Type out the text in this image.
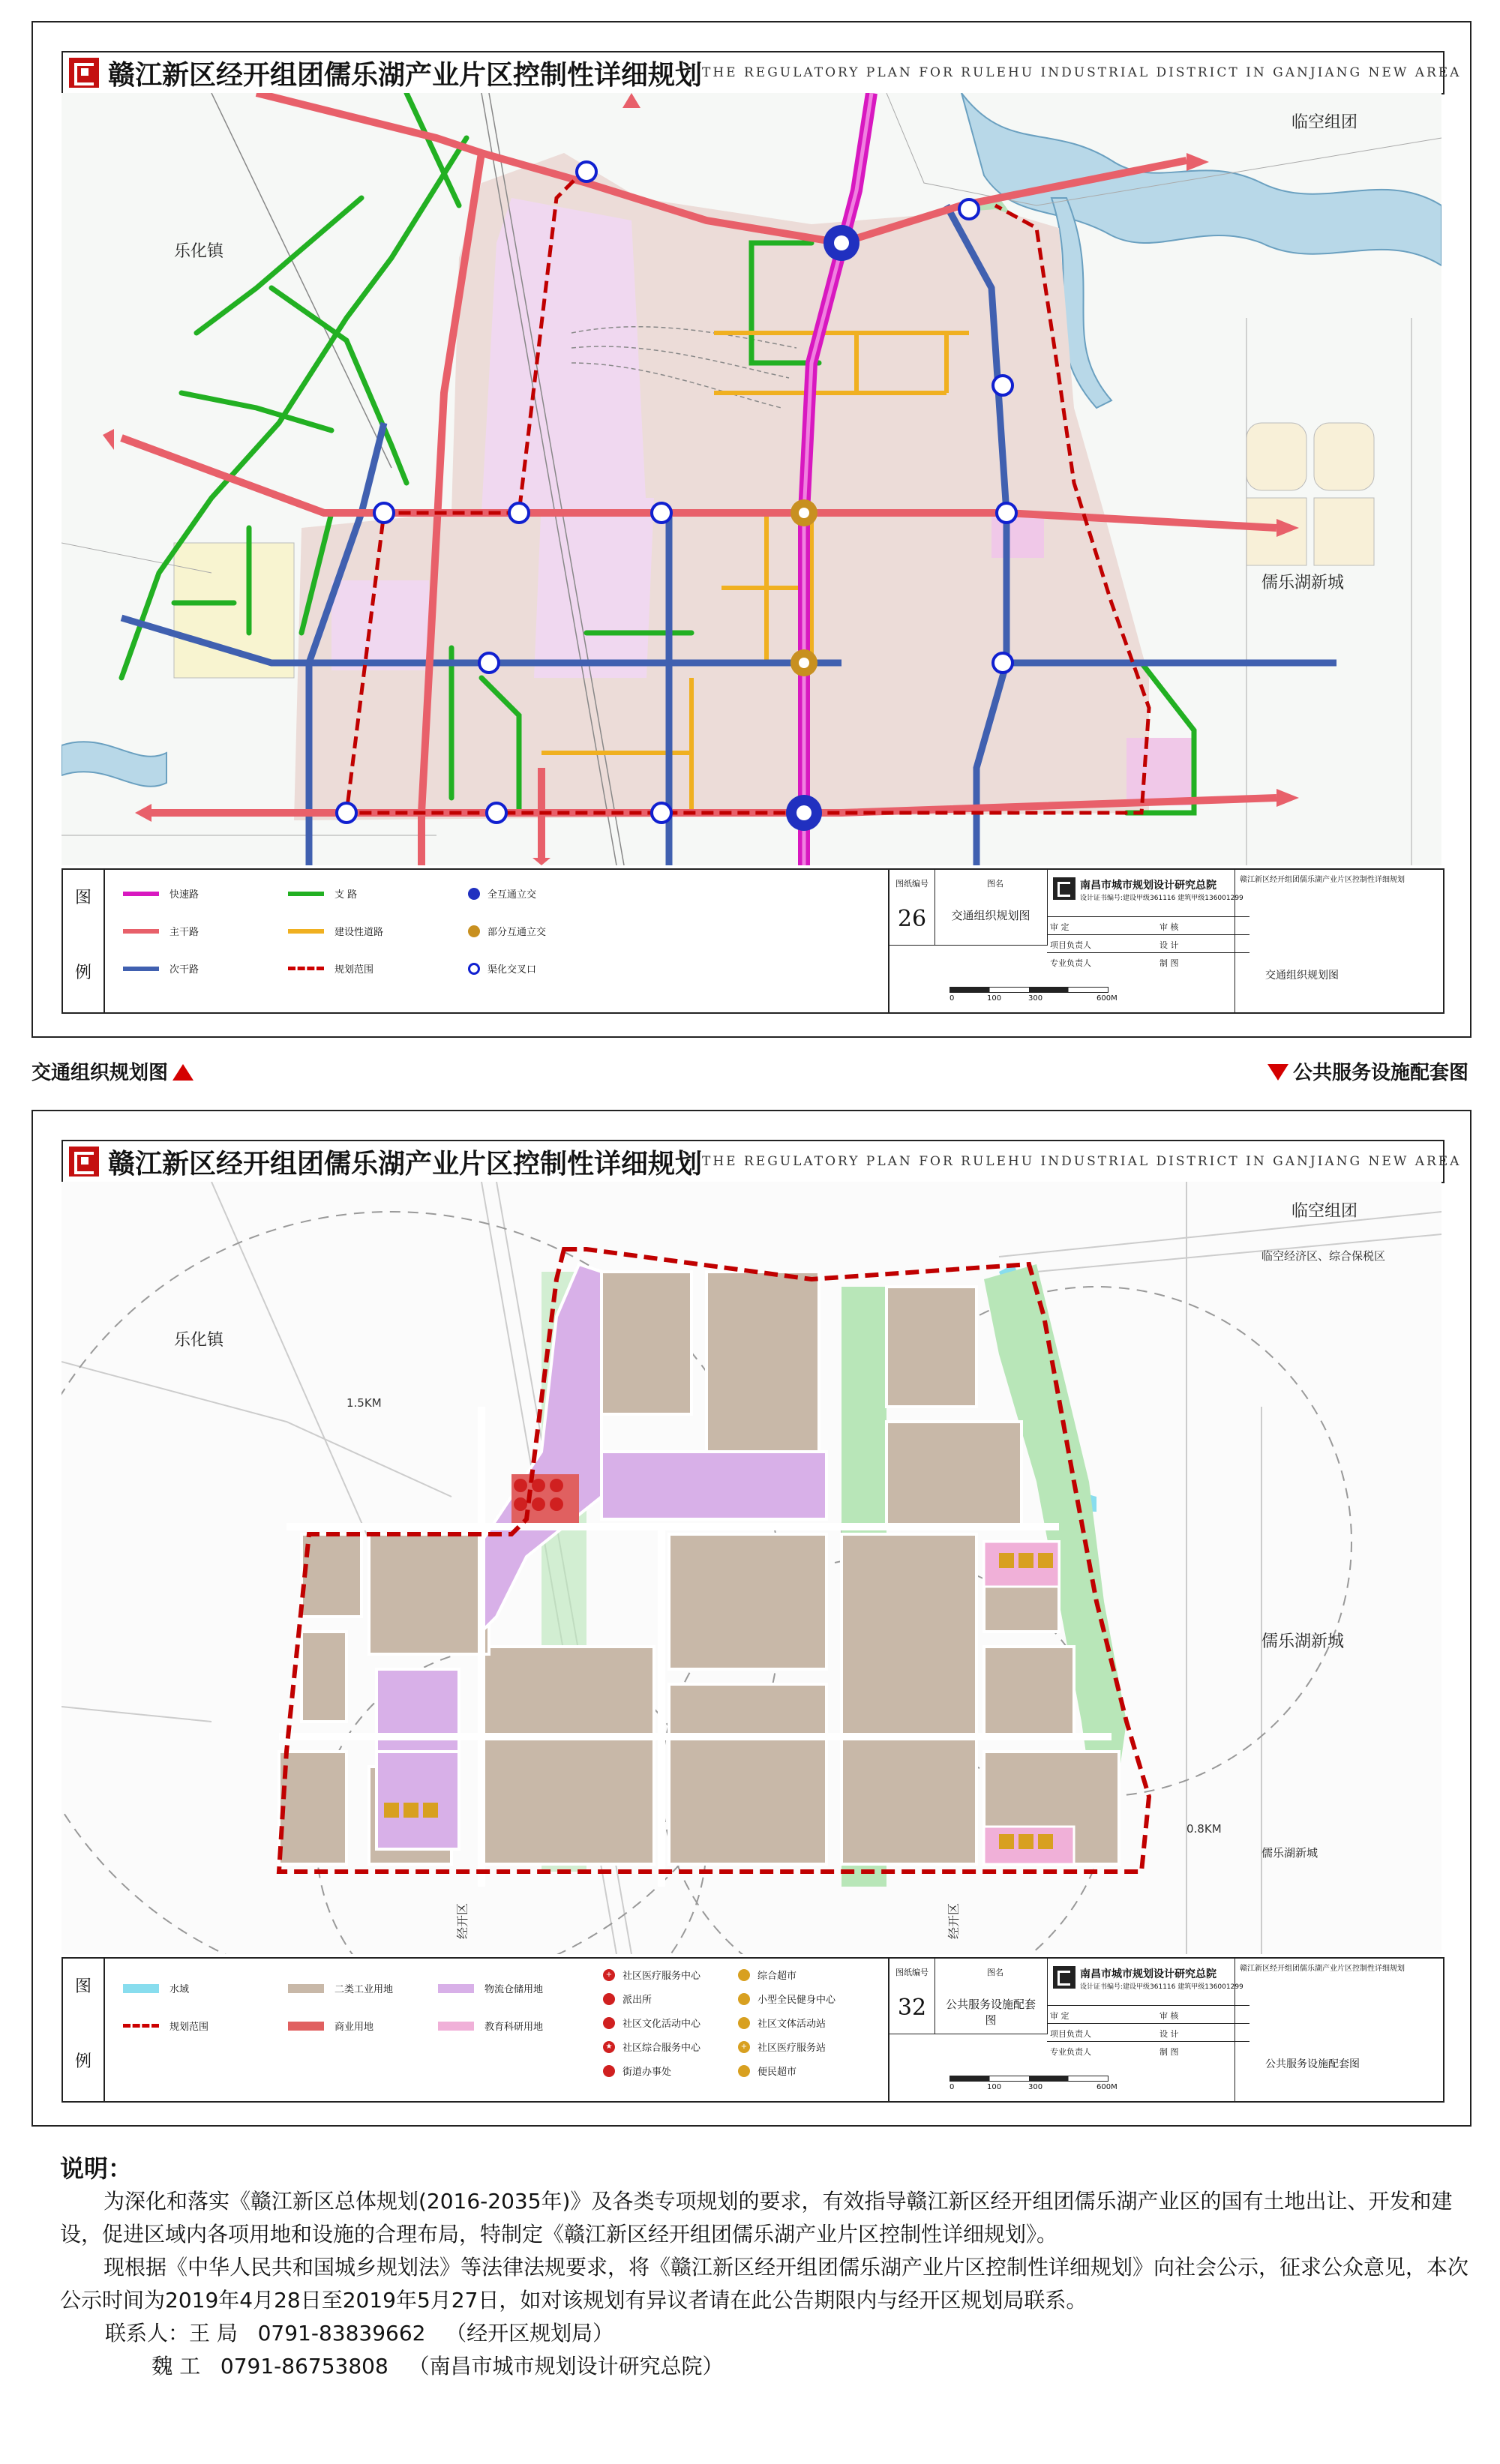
赣江新区经开组团儒乐湖产业片区控制性详细规划 THE REGULATORY PLAN FOR RULEHU INDUSTRIAL DISTRICT IN GANJIANG NEW AREA
乐化镇
临空组团
儒乐湖新城
图
例
快速路
主干路
次干路
支 路
建设性道路
规划范围
全互通立交
部分互通立交
渠化交叉口
图纸编号
26
图名
交通组织规划图
南昌市城市规划设计研究总院
设计证书编号:建设甲级361116 建筑甲级136001299
审 定	审 核
项目负责人	设 计
专业负责人	制 图
赣江新区经开组团儒乐湖产业片区控制性详细规划
交通组织规划图
0	100	300	600M
交通组织规划图	公共服务设施配套图
赣江新区经开组团儒乐湖产业片区控制性详细规划 THE REGULATORY PLAN FOR RULEHU INDUSTRIAL DISTRICT IN GANJIANG NEW AREA
乐化镇
临空组团
临空经济区、综合保税区
儒乐湖新城
儒乐湖新城
经开区	经开区
1.5KM
0.8KM
图
例
水域
规划范围
二类工业用地
商业用地
物流仓储用地
教育科研用地
+ 社区医疗服务中心
派出所
社区文化活动中心
★ 社区综合服务中心
街道办事处
综合超市
小型全民健身中心
社区文体活动站
+ 社区医疗服务站
便民超市
图纸编号
32
图名
公共服务设施配套图
南昌市城市规划设计研究总院
设计证书编号:建设甲级361116 建筑甲级136001299
审 定	审 核
项目负责人	设 计
专业负责人	制 图
赣江新区经开组团儒乐湖产业片区控制性详细规划
公共服务设施配套图
0	100	300	600M
说明：

为深化和落实《赣江新区总体规划(2016-2035年)》及各类专项规划的要求，有效指导赣江新区经开组团儒乐湖产业区的国有土地出让、开发和建设，促进区域内各项用地和设施的合理布局，特制定《赣江新区经开组团儒乐湖产业片区控制性详细规划》。

现根据《中华人民共和国城乡规划法》等法律法规要求，将《赣江新区经开组团儒乐湖产业片区控制性详细规划》向社会公示，征求公众意见，本次公示时间为2019年4月28日至2019年5月27日，如对该规划有异议者请在此公告期限内与经开区规划局联系。

联系人：王 局   0791-83839662   （经开区规划局）
魏 工   0791-86753808   （南昌市城市规划设计研究总院）
